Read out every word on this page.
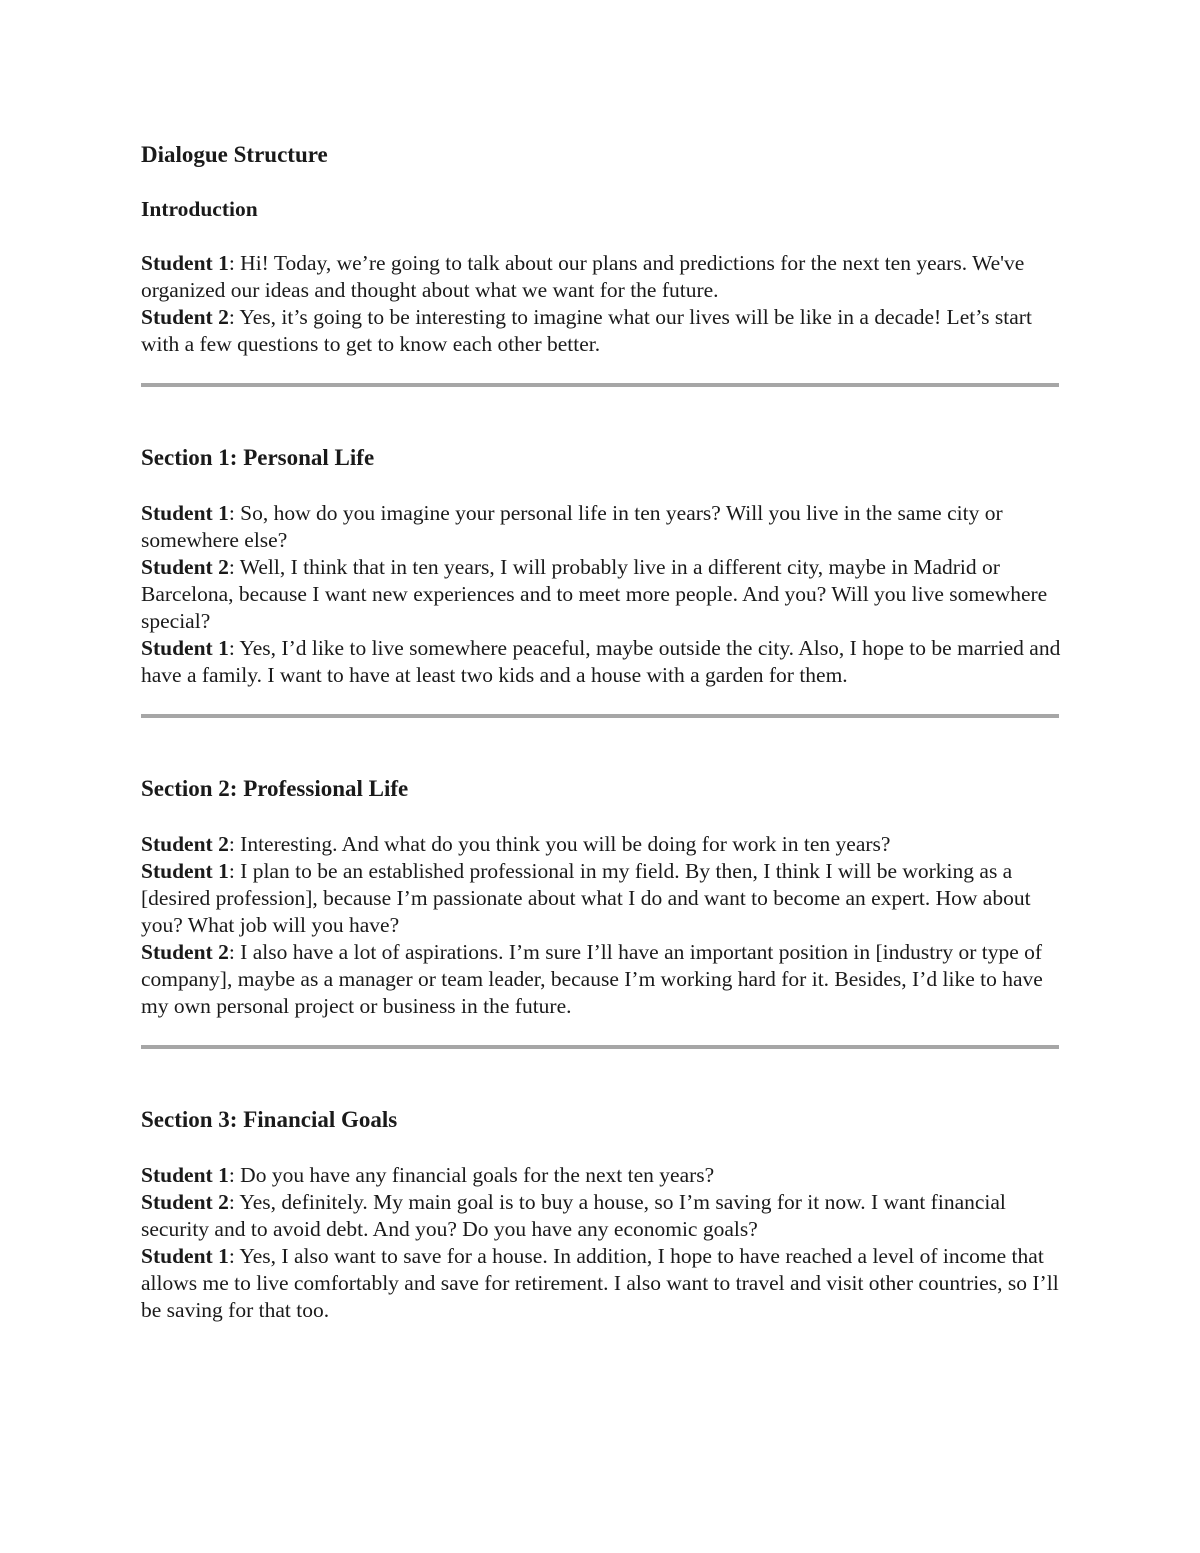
Dialogue Structure

Introduction

Student 1: Hi! Today, we’re going to talk about our plans and predictions for the next ten years. We've organized our ideas and thought about what we want for the future.

Student 2: Yes, it’s going to be interesting to imagine what our lives will be like in a decade! Let’s start with a few questions to get to know each other better.

Section 1: Personal Life

Student 1: So, how do you imagine your personal life in ten years? Will you live in the same city or somewhere else?

Student 2: Well, I think that in ten years, I will probably live in a different city, maybe in Madrid or Barcelona, because I want new experiences and to meet more people. And you? Will you live somewhere special?

Student 1: Yes, I’d like to live somewhere peaceful, maybe outside the city. Also, I hope to be married and have a family. I want to have at least two kids and a house with a garden for them.

Section 2: Professional Life

Student 2: Interesting. And what do you think you will be doing for work in ten years?

Student 1: I plan to be an established professional in my field. By then, I think I will be working as a [desired profession], because I’m passionate about what I do and want to become an expert. How about you? What job will you have?

Student 2: I also have a lot of aspirations. I’m sure I’ll have an important position in [industry or type of company], maybe as a manager or team leader, because I’m working hard for it. Besides, I’d like to have my own personal project or business in the future.

Section 3: Financial Goals

Student 1: Do you have any financial goals for the next ten years?

Student 2: Yes, definitely. My main goal is to buy a house, so I’m saving for it now. I want financial security and to avoid debt. And you? Do you have any economic goals?

Student 1: Yes, I also want to save for a house. In addition, I hope to have reached a level of income that allows me to live comfortably and save for retirement. I also want to travel and visit other countries, so I’ll be saving for that too.
